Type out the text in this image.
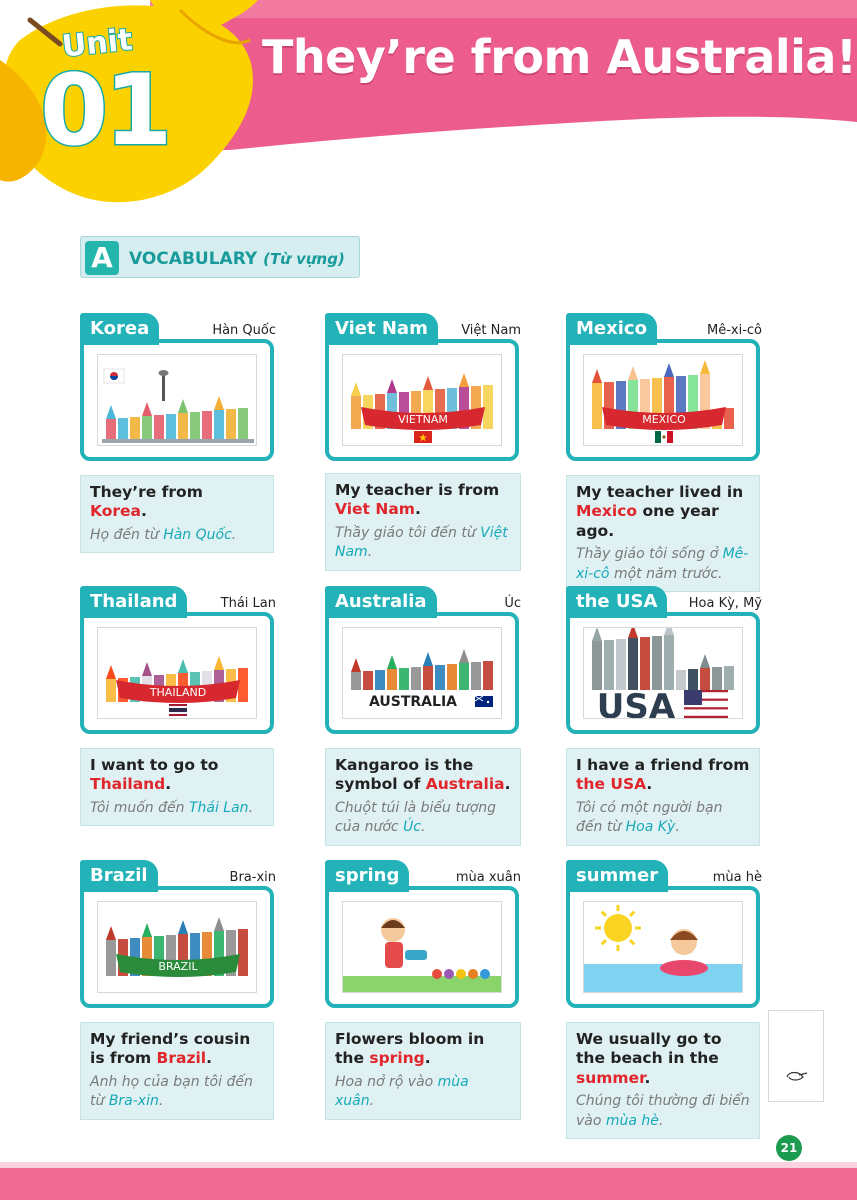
Unit
01 They’re from Australia!
A VOCABULARY (Từ vựng)
Korea	Hàn Quốc
They’re from Korea.
Họ đến từ Hàn Quốc.
VIETNAM
Viet Nam	Việt Nam
My teacher is from Viet Nam.
Thầy giáo tôi đến từ Việt Nam.
MEXICO
Mexico	Mê-xi-cô
My teacher lived in Mexico one year ago.
Thầy giáo tôi sống ở Mê-xi-cô một năm trước.
THAILAND
Thailand	Thái Lan
I want to go to Thailand.
Tôi muốn đến Thái Lan.
AUSTRALIA
Australia	Úc
Kangaroo is the symbol of Australia.
Chuột túi là biểu tượng của nước Úc.
USA
the USA	Hoa Kỳ, Mỹ
I have a friend from the USA.
Tôi có một người bạn đến từ Hoa Kỳ.
BRAZIL
Brazil	Bra-xin
My friend’s cousin is from Brazil.
Anh họ của bạn tôi đến từ Bra-xin.
spring	mùa xuân
Flowers bloom in the spring.
Hoa nở rộ vào mùa xuân.
summer	mùa hè
We usually go to the beach in the summer.
Chúng tôi thường đi biển vào mùa hè.
21
